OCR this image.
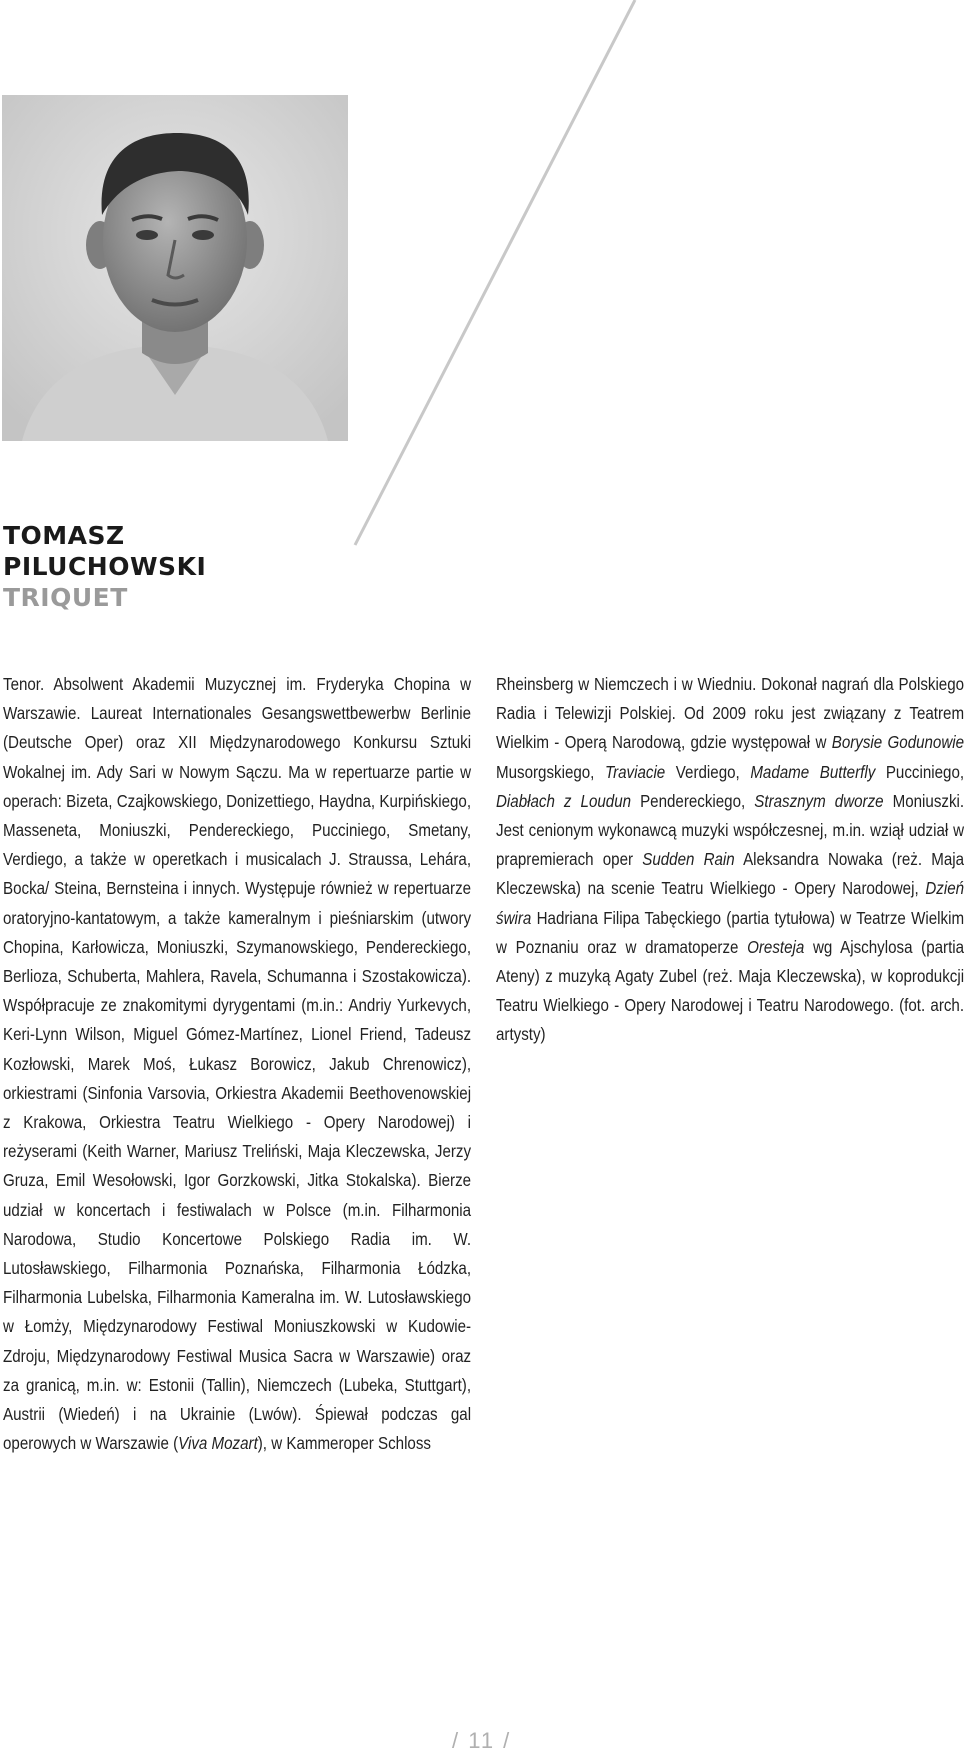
TOMASZ
PILUCHOWSKI
TRIQUET
Tenor. Absolwent Akademii Muzycznej im. Fryderyka Chopina w Warszawie. Laureat Internationales Gesangswettbewerbw Berlinie (Deutsche Oper) oraz XII Międzynarodowego Konkursu Sztuki Wokalnej im. Ady Sari w Nowym Sączu. Ma w repertuarze partie w operach: Bizeta, Czajkowskiego, Donizettiego, Haydna, Kurpińskiego, Masseneta, Moniuszki, Pendereckiego, Pucciniego, Smetany, Verdiego, a także w operetkach i musicalach J. Straussa, Lehára, Bocka/ Steina, Bernsteina i innych. Występuje również w repertuarze oratoryjno-kantatowym, a także kameralnym i pieśniarskim (utwory Chopina, Karłowicza, Moniuszki, Szymanowskiego, Pendereckiego, Berlioza, Schuberta, Mahlera, Ravela, Schumanna i Szostakowicza). Współpracuje ze znakomitymi dyrygentami (m.in.: Andriy Yurkevych, Keri-Lynn Wilson, Miguel Gómez-Martínez, Lionel Friend, Tadeusz Kozłowski, Marek Moś, Łukasz Borowicz, Jakub Chrenowicz), orkiestrami (Sinfonia Varsovia, Orkiestra Akademii Beethovenowskiej z Krakowa, Orkiestra Teatru Wielkiego - Opery Narodowej) i reżyserami (Keith Warner, Mariusz Treliński, Maja Kleczewska, Jerzy Gruza, Emil Wesołowski, Igor Gorzkowski, Jitka Stokalska). Bierze udział w koncertach i festiwalach w Polsce (m.in. Filharmonia Narodowa, Studio Koncertowe Polskiego Radia im. W. Lutosławskiego, Filharmonia Poznańska, Filharmonia Łódzka, Filharmonia Lubelska, Filharmonia Kameralna im. W. Lutosławskiego w Łomży, Międzynarodowy Festiwal Moniuszkowski w Kudowie-Zdroju, Międzynarodowy Festiwal Musica Sacra w Warszawie) oraz za granicą, m.in. w: Estonii (Tallin), Niemczech (Lubeka, Stuttgart), Austrii (Wiedeń) i na Ukrainie (Lwów). Śpiewał podczas gal operowych w Warszawie (Viva Mozart), w Kammeroper Schloss
Rheinsberg w Niemczech i w Wiedniu. Dokonał nagrań dla Polskiego Radia i Telewizji Polskiej. Od 2009 roku jest związany z Teatrem Wielkim - Operą Narodową, gdzie występował w Borysie Godunowie Musorgskiego, Traviacie Verdiego, Madame Butterfly Pucciniego, Diabłach z Loudun Pendereckiego, Strasznym dworze Moniuszki. Jest cenionym wykonawcą muzyki współczesnej, m.in. wziął udział w prapremierach oper Sudden Rain Aleksandra Nowaka (reż. Maja Kleczewska) na scenie Teatru Wielkiego - Opery Narodowej, Dzień świra Hadriana Filipa Tabęckiego (partia tytułowa) w Teatrze Wielkim w Poznaniu oraz w dramatoperze Oresteja wg Ajschylosa (partia Ateny) z muzyką Agaty Zubel (reż. Maja Kleczewska), w koprodukcji Teatru Wielkiego - Opery Narodowej i Teatru Narodowego. (fot. arch. artysty)
/ 11 /
